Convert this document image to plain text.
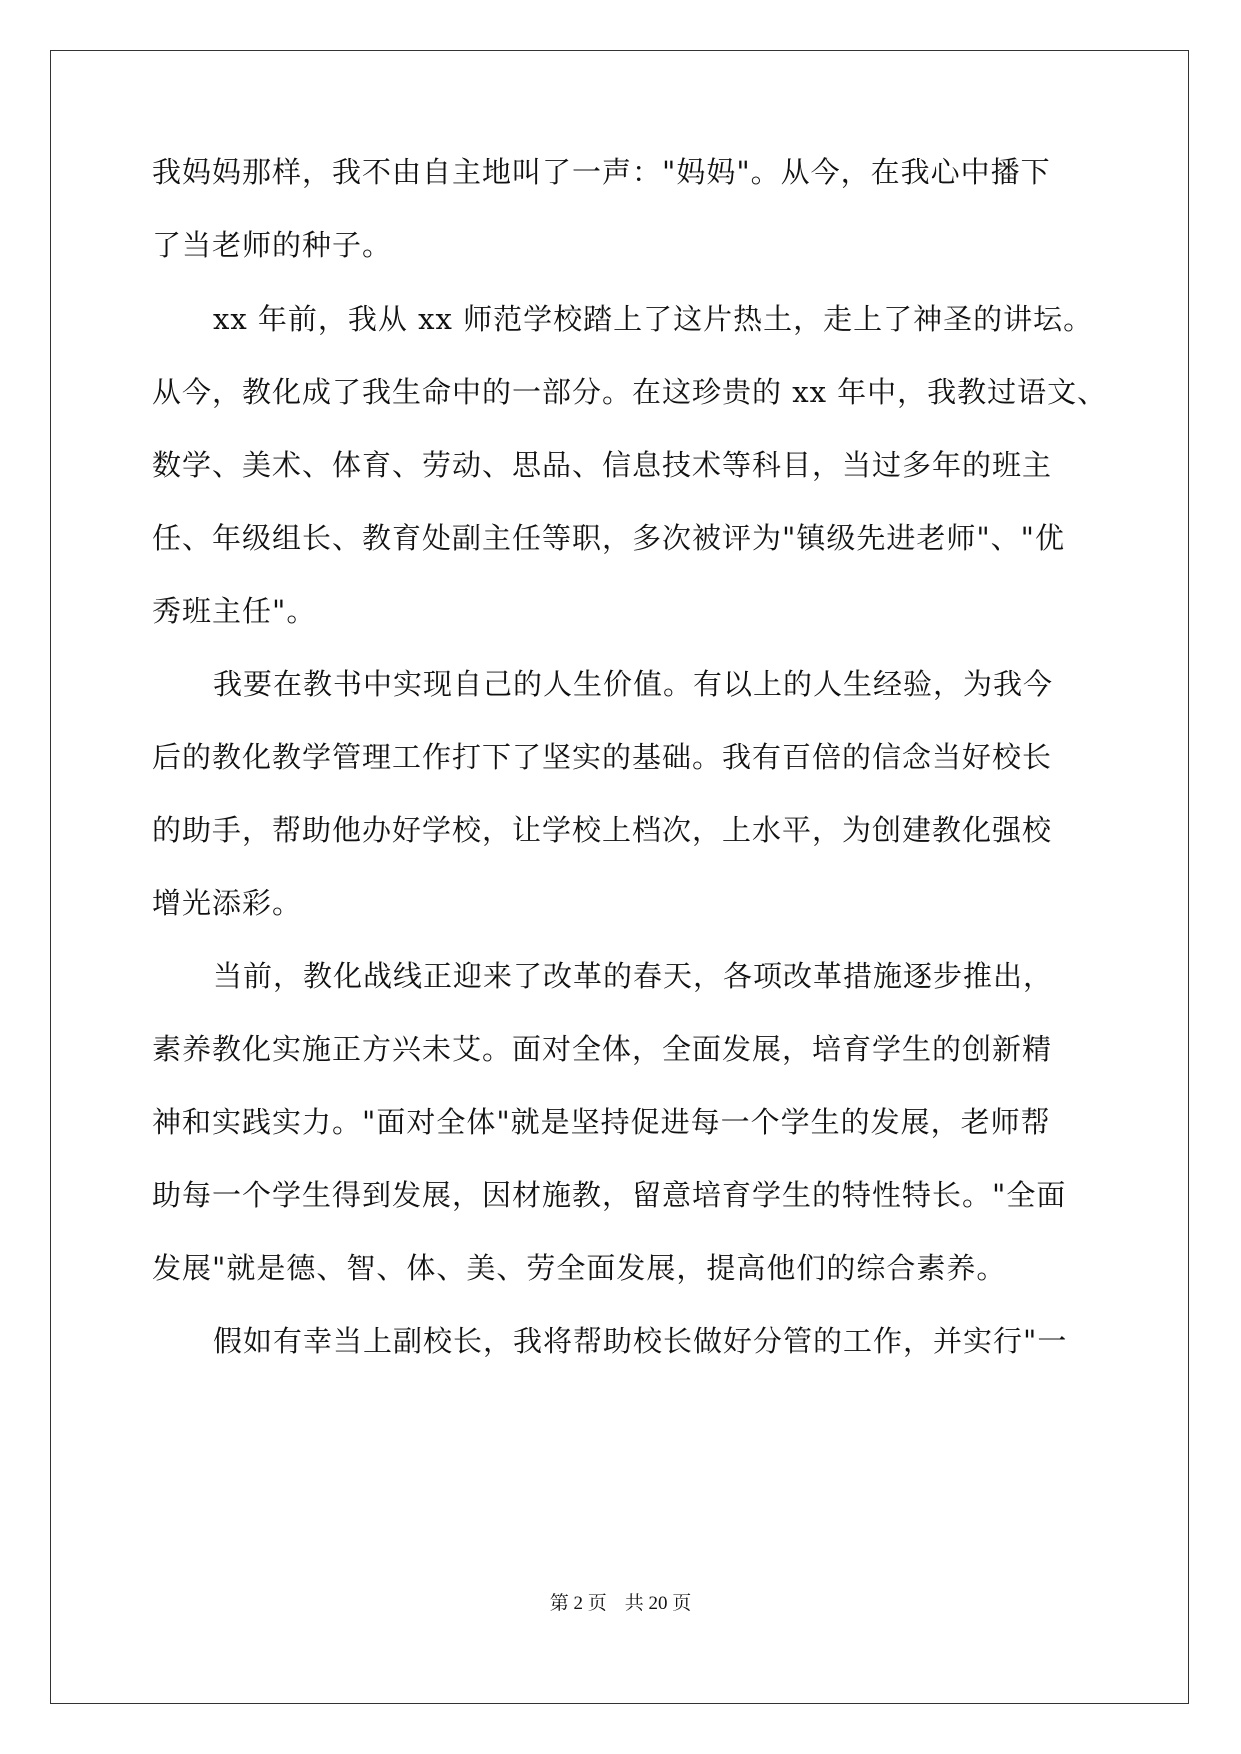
我妈妈那样，我不由自主地叫了一声："妈妈"。从今，在我心中播下
了当老师的种子。
xx 年前，我从 xx 师范学校踏上了这片热土，走上了神圣的讲坛。
从今，教化成了我生命中的一部分。在这珍贵的 xx 年中，我教过语文、
数学、美术、体育、劳动、思品、信息技术等科目，当过多年的班主
任、年级组长、教育处副主任等职，多次被评为"镇级先进老师"、"优
秀班主任"。
我要在教书中实现自己的人生价值。有以上的人生经验，为我今
后的教化教学管理工作打下了坚实的基础。我有百倍的信念当好校长
的助手，帮助他办好学校，让学校上档次，上水平，为创建教化强校
增光添彩。
当前，教化战线正迎来了改革的春天，各项改革措施逐步推出，
素养教化实施正方兴未艾。面对全体，全面发展，培育学生的创新精
神和实践实力。"面对全体"就是坚持促进每一个学生的发展，老师帮
助每一个学生得到发展，因材施教，留意培育学生的特性特长。"全面
发展"就是德、智、体、美、劳全面发展，提高他们的综合素养。
假如有幸当上副校长，我将帮助校长做好分管的工作，并实行"一
第 2 页 共 20 页
